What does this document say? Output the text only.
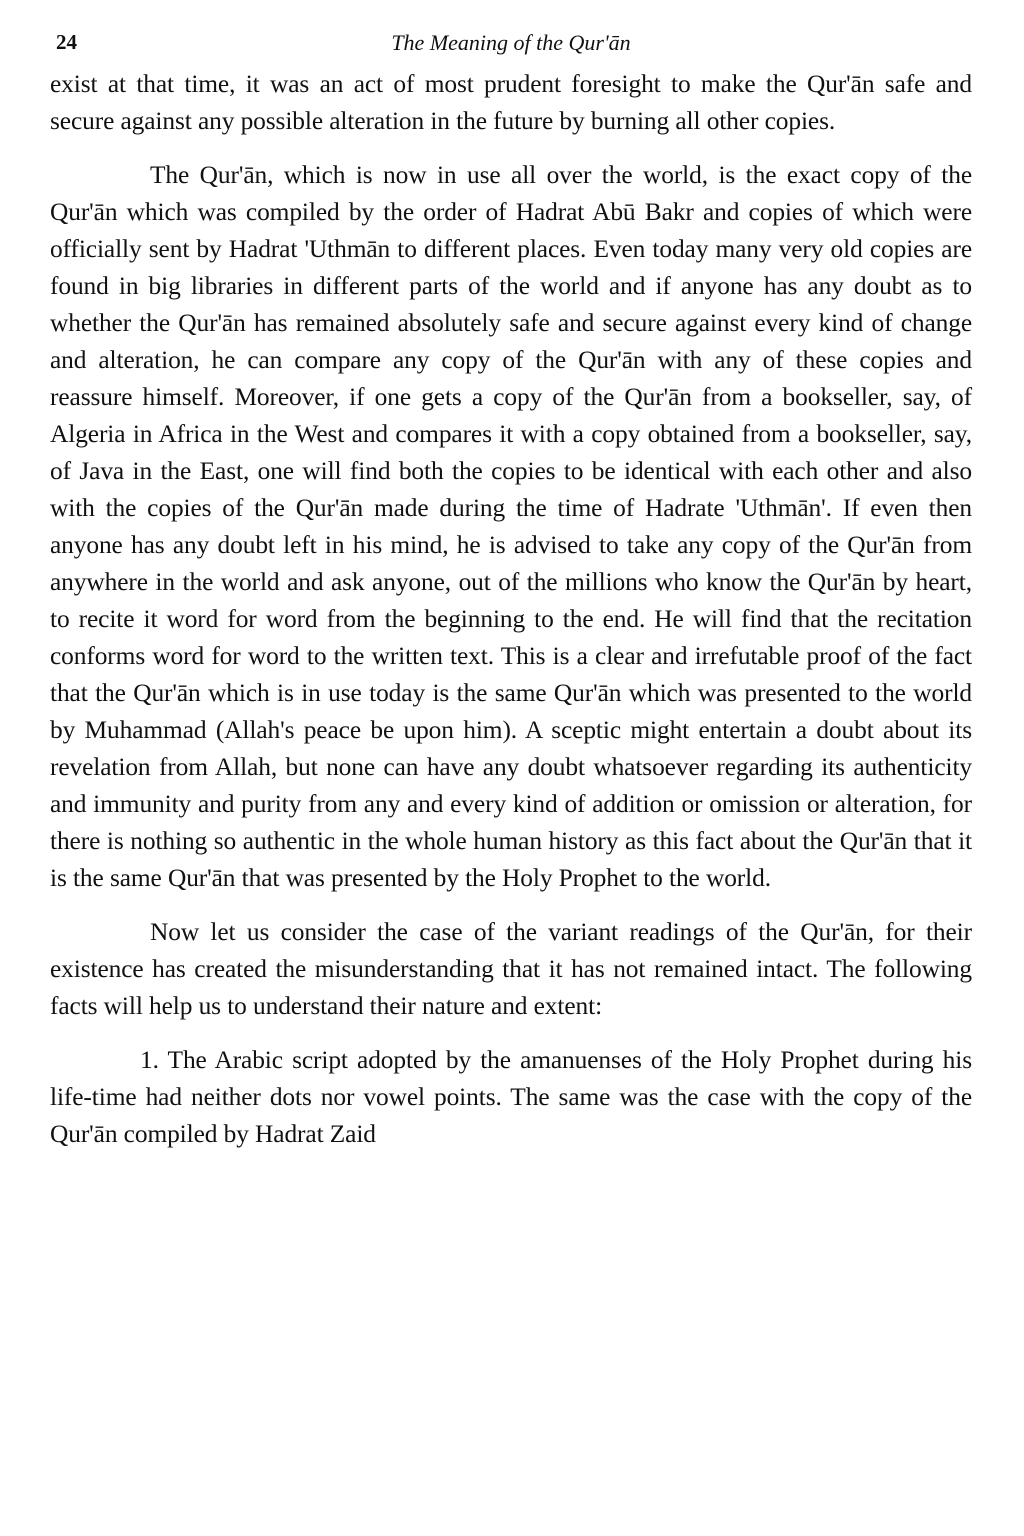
24	The Meaning of the Qur'ān

exist at that time, it was an act of most prudent foresight to make the Qur'ān safe and secure against any possible alteration in the future by burning all other copies.

The Qur'ān, which is now in use all over the world, is the exact copy of the Qur'ān which was compiled by the order of Hadrat Abū Bakr and copies of which were officially sent by Hadrat 'Uthmān to different places. Even today many very old copies are found in big libraries in different parts of the world and if anyone has any doubt as to whether the Qur'ān has remained absolutely safe and secure against every kind of change and alteration, he can compare any copy of the Qur'ān with any of these copies and reassure himself. Moreover, if one gets a copy of the Qur'ān from a bookseller, say, of Algeria in Africa in the West and compares it with a copy obtained from a bookseller, say, of Java in the East, one will find both the copies to be identical with each other and also with the copies of the Qur'ān made during the time of Hadrate 'Uthmān'. If even then anyone has any doubt left in his mind, he is advised to take any copy of the Qur'ān from anywhere in the world and ask anyone, out of the millions who know the Qur'ān by heart, to recite it word for word from the beginning to the end. He will find that the recitation conforms word for word to the written text. This is a clear and irrefutable proof of the fact that the Qur'ān which is in use today is the same Qur'ān which was presented to the world by Muhammad (Allah's peace be upon him). A sceptic might entertain a doubt about its revelation from Allah, but none can have any doubt whatsoever regarding its authenticity and immunity and purity from any and every kind of addition or omission or alteration, for there is nothing so authentic in the whole human history as this fact about the Qur'ān that it is the same Qur'ān that was presented by the Holy Prophet to the world.

Now let us consider the case of the variant readings of the Qur'ān, for their existence has created the misunderstanding that it has not remained intact. The following facts will help us to understand their nature and extent:

1. The Arabic script adopted by the amanuenses of the Holy Prophet during his life-time had neither dots nor vowel points. The same was the case with the copy of the Qur'ān compiled by Hadrat Zaid
